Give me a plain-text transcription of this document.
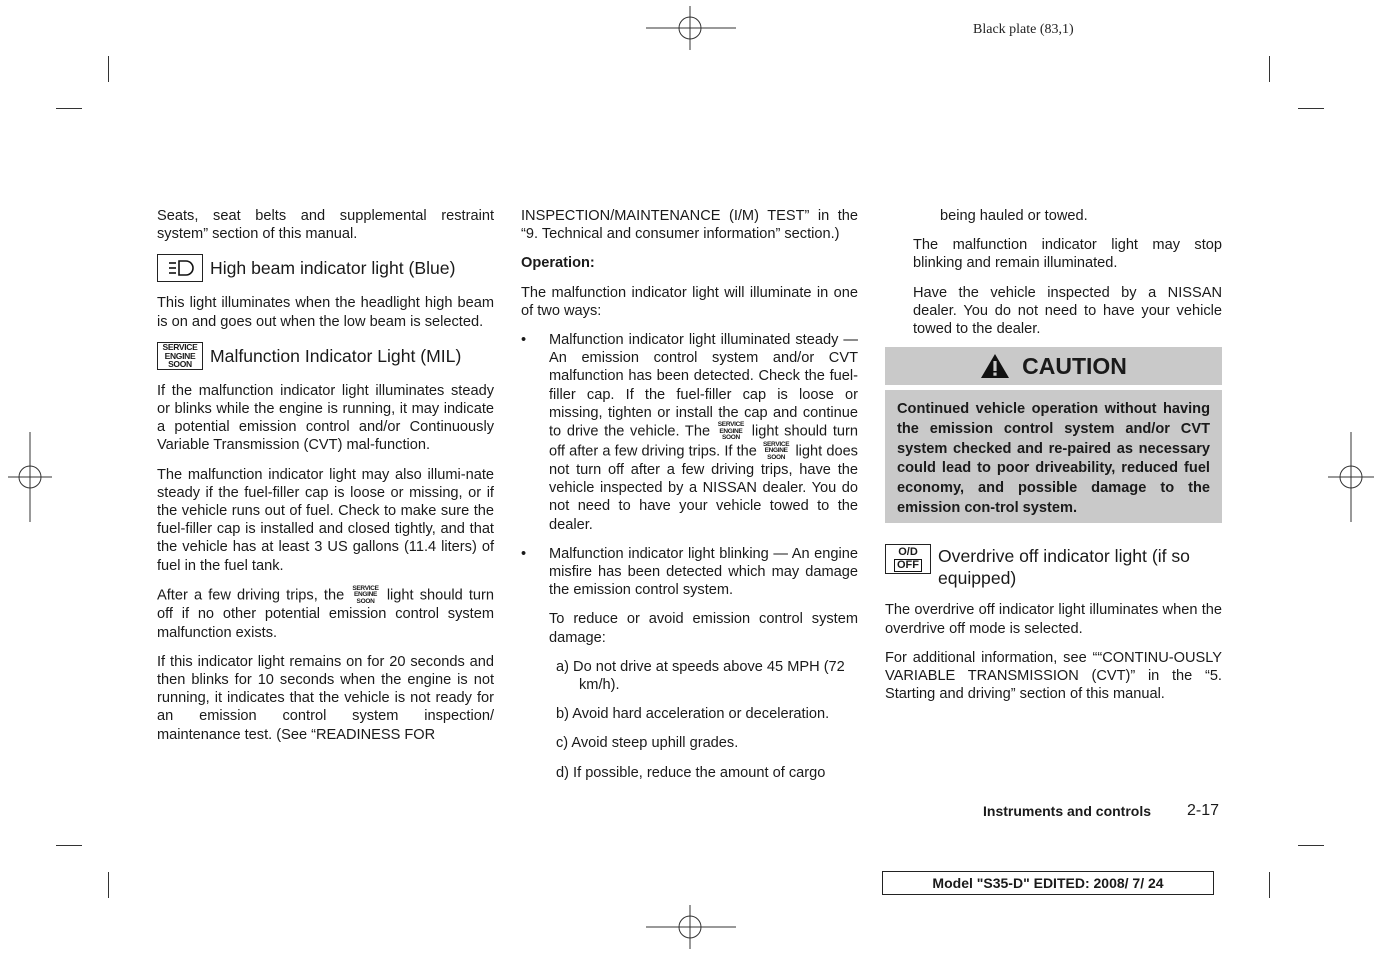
Black plate (83,1)

Seats, seat belts and supplemental restraint system” section of this manual.

High beam indicator light (Blue)

This light illuminates when the headlight high beam is on and goes out when the low beam is selected.

SERVICE
ENGINE
SOON	Malfunction Indicator Light (MIL)

If the malfunction indicator light illuminates steady or blinks while the engine is running, it may indicate a potential emission control and/or Continuously Variable Transmission (CVT) mal-function.

The malfunction indicator light may also illumi-nate steady if the fuel-filler cap is loose or missing, or if the vehicle runs out of fuel. Check to make sure the fuel-filler cap is installed and closed tightly, and that the vehicle has at least 3 US gallons (11.4 liters) of fuel in the fuel tank.

After a few driving trips, the SERVICE
ENGINE
SOON light should turn off if no other potential emission control system malfunction exists.

If this indicator light remains on for 20 seconds and then blinks for 10 seconds when the engine is not running, it indicates that the vehicle is not ready for an emission control system inspection/ maintenance test. (See “READINESS FOR

INSPECTION/MAINTENANCE (I/M) TEST” in the “9. Technical and consumer information” section.)

Operation:

The malfunction indicator light will illuminate in one of two ways:

• Malfunction indicator light illuminated steady — An emission control system and/or CVT malfunction has been detected. Check the fuel-filler cap. If the fuel-filler cap is loose or missing, tighten or install the cap and continue to drive the vehicle. The SERVICE
ENGINE
SOON light should turn off after a few driving trips. If the SERVICE
ENGINE
SOON light does not turn off after a few driving trips, have the vehicle inspected by a NISSAN dealer. You do not need to have your vehicle towed to the dealer.
• Malfunction indicator light blinking — An engine misfire has been detected which may damage the emission control system.

To reduce or avoid emission control system damage:

a) Do not drive at speeds above 45 MPH (72 km/h).

b) Avoid hard acceleration or deceleration.

c) Avoid steep uphill grades.

d) If possible, reduce the amount of cargo

being hauled or towed.

The malfunction indicator light may stop blinking and remain illuminated.

Have the vehicle inspected by a NISSAN dealer. You do not need to have your vehicle towed to the dealer.

CAUTION
Continued vehicle operation without having the emission control system and/or CVT system checked and re-paired as necessary could lead to poor driveability, reduced fuel economy, and possible damage to the emission con-trol system.
O/D
OFF Overdrive off indicator light (if so equipped)

The overdrive off indicator light illuminates when the overdrive off mode is selected.

For additional information, see ““CONTINU-OUSLY VARIABLE TRANSMISSION (CVT)” in the “5. Starting and driving” section of this manual.

Instruments and controls 2-17
Model "S35-D" EDITED: 2008/ 7/ 24
